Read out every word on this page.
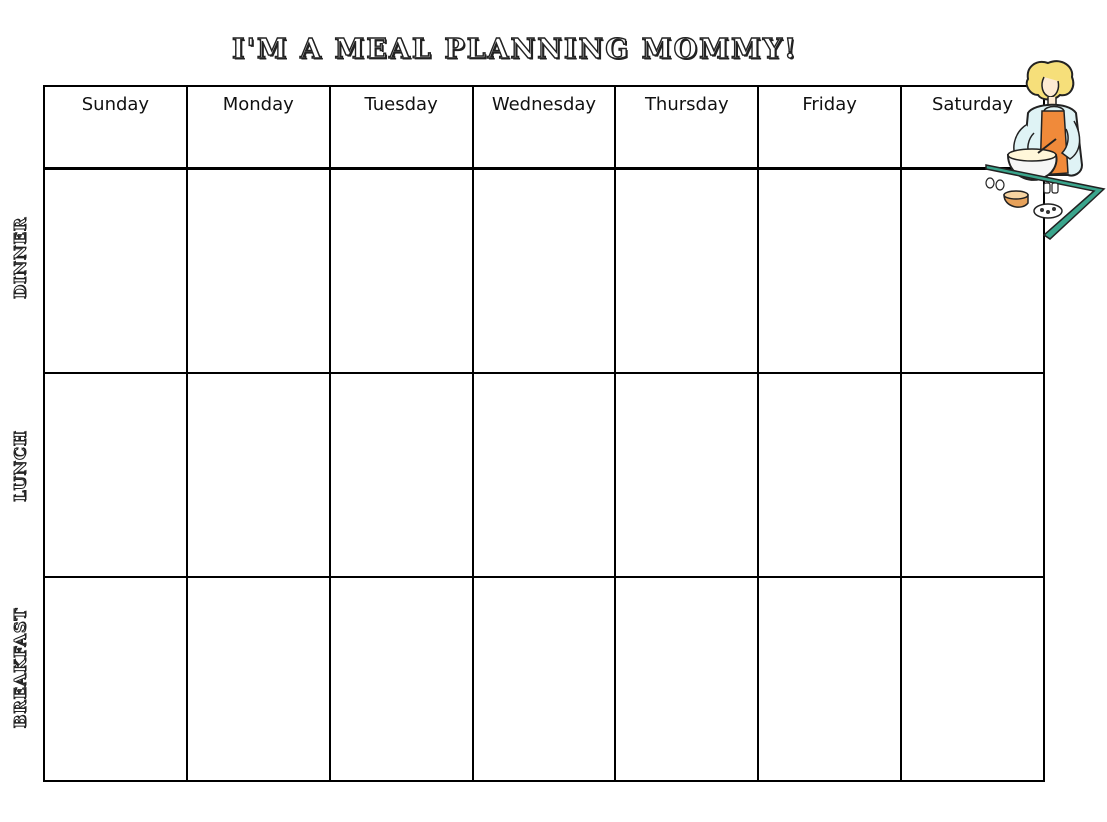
I'M A MEAL PLANNING MOMMY!
Sunday	Monday	Tuesday	Wednesday	Thursday	Friday	Saturday

DINNER
LUNCH
BREAKFAST
